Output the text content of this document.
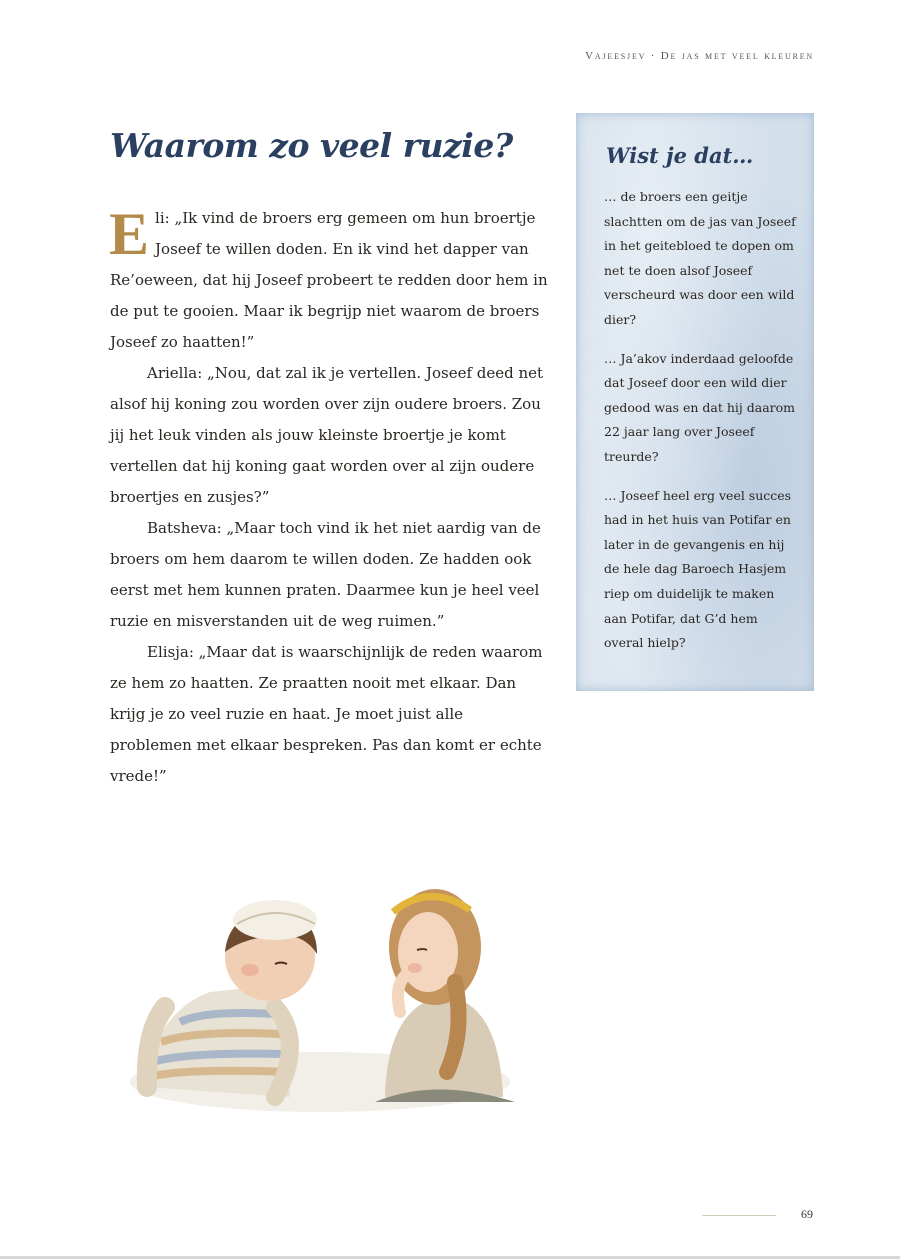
Vajeesjev · De jas met veel kleuren
Waarom zo veel ruzie?

Eli: „Ik vind de broers erg gemeen om hun broertje Joseef te willen doden. En ik vind het dapper van Re’oeween, dat hij Joseef probeert te redden door hem in de put te gooien. Maar ik begrijp niet waarom de broers Joseef zo haatten!”

Ariella: „Nou, dat zal ik je vertellen. Joseef deed net alsof hij koning zou worden over zijn oudere broers. Zou jij het leuk vinden als jouw kleinste broertje je komt vertellen dat hij koning gaat worden over al zijn oudere broertjes en zusjes?”

Batsheva: „Maar toch vind ik het niet aardig van de broers om hem daarom te willen doden. Ze hadden ook eerst met hem kunnen praten. Daarmee kun je heel veel ruzie en misverstanden uit de weg ruimen.”

Elisja: „Maar dat is waarschijnlijk de reden waarom ze hem zo haatten. Ze praatten nooit met elkaar. Dan krijg je zo veel ruzie en haat. Je moet juist alle problemen met elkaar bespreken. Pas dan komt er echte vrede!”

Wist je dat…

… de broers een geitje slachtten om de jas van Joseef in het geitebloed te dopen om net te doen alsof Joseef verscheurd was door een wild dier?

… Ja’akov inderdaad geloofde dat Joseef door een wild dier gedood was en dat hij daarom 22 jaar lang over Joseef treurde?

… Joseef heel erg veel succes had in het huis van Potifar en later in de gevangenis en hij de hele dag Baroech Hasjem riep om duidelijk te maken aan Potifar, dat G’d hem overal hielp?

69
